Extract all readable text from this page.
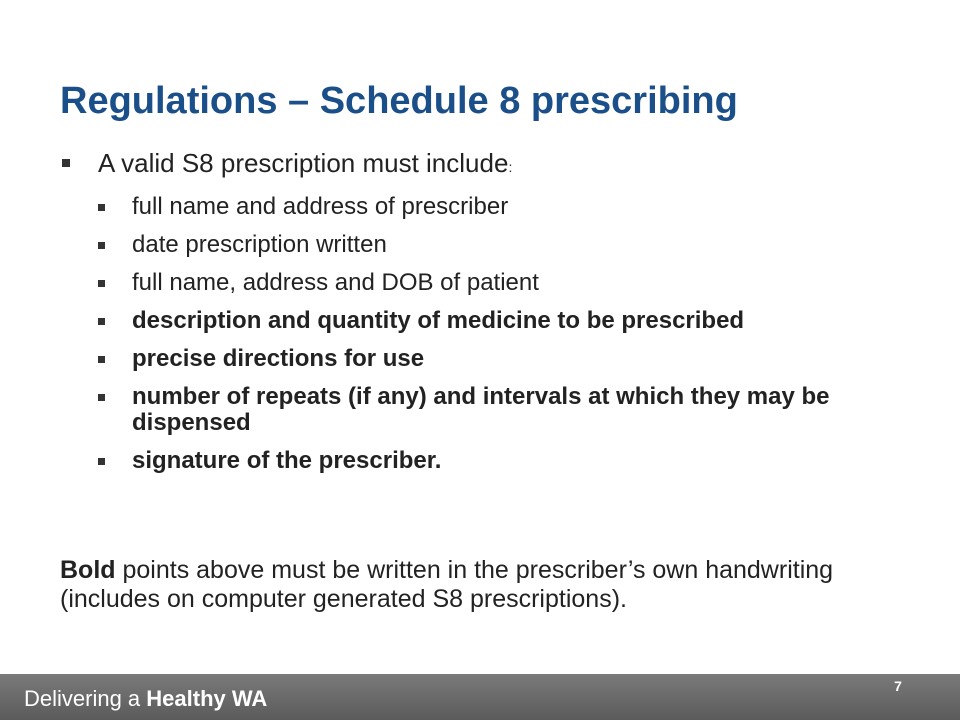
Regulations – Schedule 8 prescribing
A valid S8 prescription must include:
full name and address of prescriber
date prescription written
full name, address and DOB of patient
description and quantity of medicine to be prescribed
precise directions for use
number of repeats (if any) and intervals at which they may be dispensed
signature of the prescriber.

Bold points above must be written in the prescriber’s own handwriting (includes on computer generated S8 prescriptions).

Delivering a Healthy WA	7
